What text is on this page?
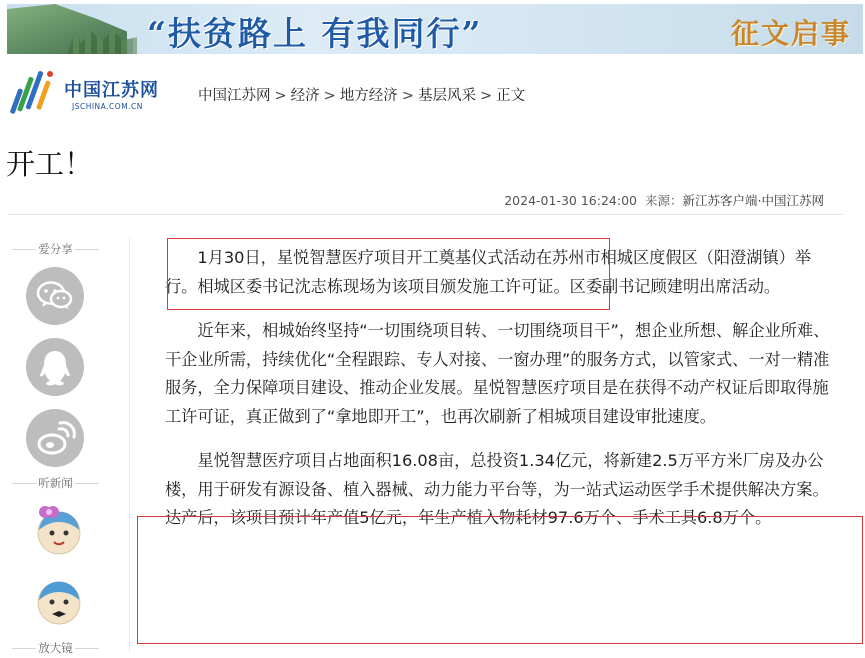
“扶贫路上 有我同行”	征文启事
中国江苏网
JSCHINA.COM.CN
中国江苏网 > 经济 > 地方经济 > 基层风采 > 正文
开工！
2024-01-30 16:24:00 来源：新江苏客户端·中国江苏网
爱分享
听新闻
放大镜

1月30日，星悦智慧医疗项目开工奠基仪式活动在苏州市相城区度假区（阳澄湖镇）举行。相城区委书记沈志栋现场为该项目颁发施工许可证。区委副书记顾建明出席活动。

近年来，相城始终坚持“一切围绕项目转、一切围绕项目干”，想企业所想、解企业所难、干企业所需，持续优化“全程跟踪、专人对接、一窗办理”的服务方式，以管家式、一对一精准服务，全力保障项目建设、推动企业发展。星悦智慧医疗项目是在获得不动产权证后即取得施工许可证，真正做到了“拿地即开工”，也再次刷新了相城项目建设审批速度。

星悦智慧医疗项目占地面积16.08亩，总投资1.34亿元，将新建2.5万平方米厂房及办公楼，用于研发有源设备、植入器械、动力能力平台等，为一站式运动医学手术提供解决方案。达产后，该项目预计年产值5亿元，年生产植入物耗材97.6万个、手术工具6.8万个。
